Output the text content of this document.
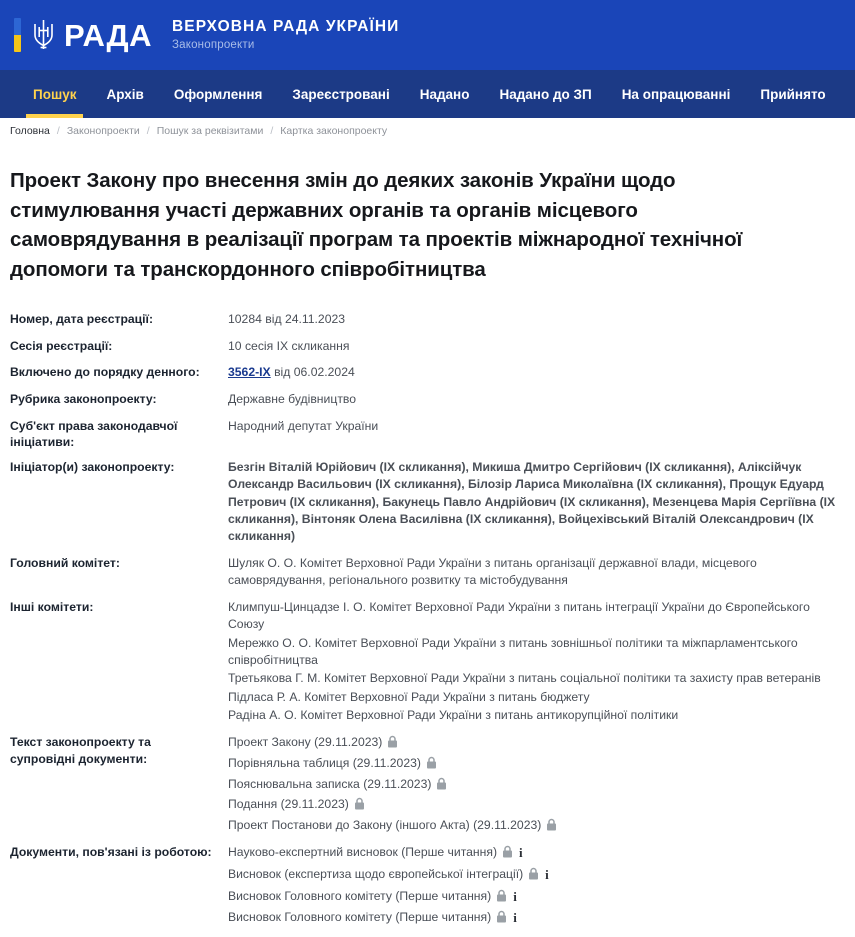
РАДА ВЕРХОВНА РАДА УКРАЇНИ
Законопроекти
Пошук	Архів	Оформлення	Зареєстровані	Надано	Надано до ЗП	На опрацюванні	Прийнято
Головна / Законопроекти / Пошук за реквізитами / Картка законопроекту
Проект Закону про внесення змін до деяких законів України щодо стимулювання участі державних органів та органів місцевого самоврядування в реалізації програм та проектів міжнародної технічної допомоги та транскордонного співробітництва
Номер, дата реєстрації:	10284 від 24.11.2023
Сесія реєстрації:	10 сесія IX скликання
Включено до порядку денного:	3562-IX від 06.02.2024
Рубрика законопроекту:	Державне будівництво
Суб'єкт права законодавчої ініціативи:	Народний депутат України
Ініціатор(и) законопроекту:	Безгін Віталій Юрійович (IX скликання), Микиша Дмитро Сергійович (IX скликання), Аліксійчук Олександр Васильович (IX скликання), Білозір Лариса Миколаївна (IX скликання), Прощук Едуард Петрович (IX скликання), Бакунець Павло Андрійович (IX скликання), Мезенцева Марія Сергіївна (IX скликання), Вінтоняк Олена Василівна (IX скликання), Войцехівський Віталій Олександрович (IX скликання)
Головний комітет:	Шуляк О. О. Комітет Верховної Ради України з питань організації державної влади, місцевого самоврядування, регіонального розвитку та містобудування
Інші комітети:	Климпуш-Цинцадзе І. О. Комітет Верховної Ради України з питань інтеграції України до Європейського Союзу
Мережко О. О. Комітет Верховної Ради України з питань зовнішньої політики та міжпарламентського співробітництва
Третьякова Г. М. Комітет Верховної Ради України з питань соціальної політики та захисту прав ветеранів
Підласа Р. А. Комітет Верховної Ради України з питань бюджету
Радіна А. О. Комітет Верховної Ради України з питань антикорупційної політики

Текст законопроекту та супровідні документи:	Проект Закону (29.11.2023)
Порівняльна таблиця (29.11.2023)
Пояснювальна записка (29.11.2023)
Подання (29.11.2023)
Проект Постанови до Закону (іншого Акта) (29.11.2023)

Документи, пов'язані із роботою:	Науково-експертний висновок (Перше читання) i
Висновок (експертиза щодо європейської інтеграції) i
Висновок Головного комітету (Перше читання) i
Висновок Головного комітету (Перше читання) i
